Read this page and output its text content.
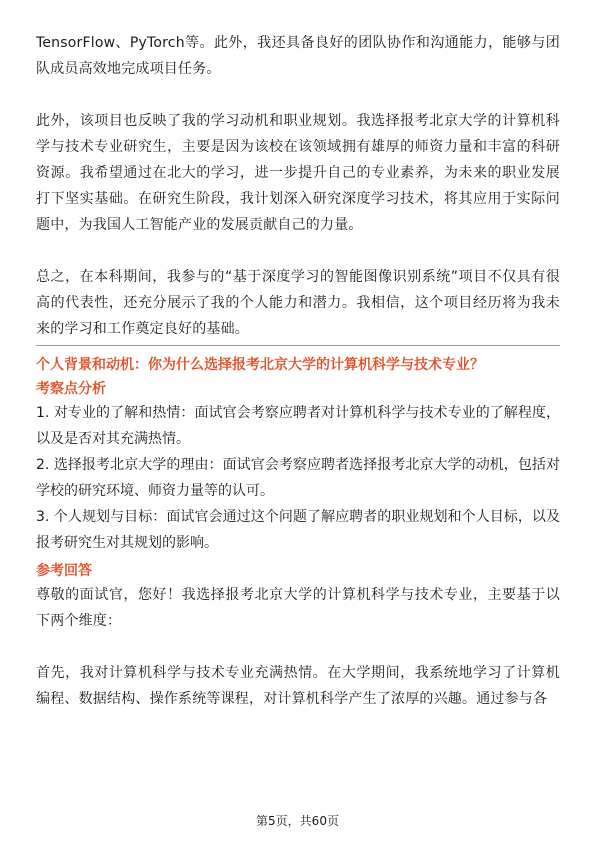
TensorFlow、PyTorch等。此外，我还具备良好的团队协作和沟通能力，能够与团队成员高效地完成项目任务。

此外，该项目也反映了我的学习动机和职业规划。我选择报考北京大学的计算机科学与技术专业研究生，主要是因为该校在该领域拥有雄厚的师资力量和丰富的科研资源。我希望通过在北大的学习，进一步提升自己的专业素养，为未来的职业发展打下坚实基础。在研究生阶段，我计划深入研究深度学习技术，将其应用于实际问题中，为我国人工智能产业的发展贡献自己的力量。

总之，在本科期间，我参与的“基于深度学习的智能图像识别系统”项目不仅具有很高的代表性，还充分展示了我的个人能力和潜力。我相信，这个项目经历将为我未来的学习和工作奠定良好的基础。

个人背景和动机：你为什么选择报考北京大学的计算机科学与技术专业？

考察点分析

1. 对专业的了解和热情：面试官会考察应聘者对计算机科学与技术专业的了解程度，以及是否对其充满热情。

2. 选择报考北京大学的理由：面试官会考察应聘者选择报考北京大学的动机，包括对学校的研究环境、师资力量等的认可。

3. 个人规划与目标：面试官会通过这个问题了解应聘者的职业规划和个人目标，以及报考研究生对其规划的影响。

参考回答

尊敬的面试官，您好！我选择报考北京大学的计算机科学与技术专业，主要基于以下两个维度：

首先，我对计算机科学与技术专业充满热情。在大学期间，我系统地学习了计算机编程、数据结构、操作系统等课程，对计算机科学产生了浓厚的兴趣。通过参与各

第5页，共60页
